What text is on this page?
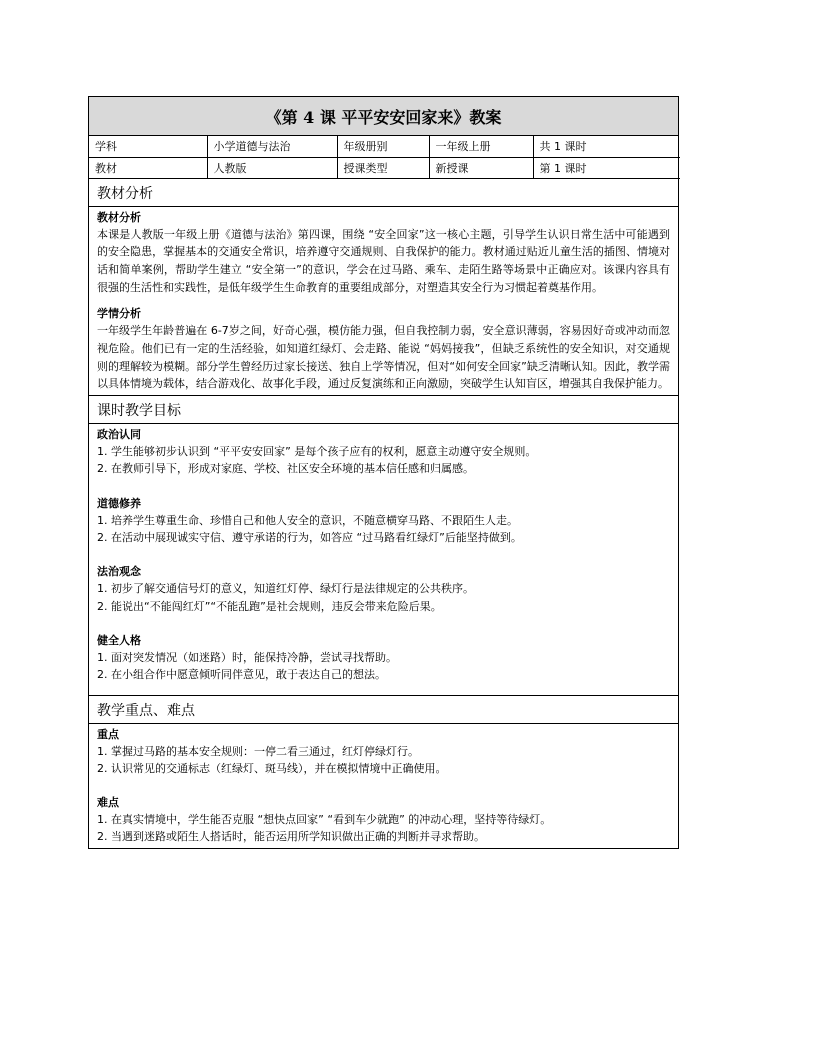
《第 4 课 平平安安回家来》教案
学科	小学道德与法治	年级册别	一年级上册	共 1 课时
教材	人教版	授课类型	新授课	第 1 课时
教材分析
教材分析

本课是人教版一年级上册《道德与法治》第四课，围绕 “安全回家”这一核心主题，引导学生认识日常生活中可能遇到的安全隐患，掌握基本的交通安全常识，培养遵守交通规则、自我保护的能力。教材通过贴近儿童生活的插图、情境对话和简单案例，帮助学生建立 “安全第一”的意识，学会在过马路、乘车、走陌生路等场景中正确应对。该课内容具有很强的生活性和实践性，是低年级学生生命教育的重要组成部分，对塑造其安全行为习惯起着奠基作用。

学情分析

一年级学生年龄普遍在 6-7岁之间，好奇心强，模仿能力强，但自我控制力弱，安全意识薄弱，容易因好奇或冲动而忽视危险。他们已有一定的生活经验，如知道红绿灯、会走路、能说 “妈妈接我”，但缺乏系统性的安全知识，对交通规则的理解较为模糊。部分学生曾经历过家长接送、独自上学等情况，但对“如何安全回家”缺乏清晰认知。因此，教学需以具体情境为载体，结合游戏化、故事化手段，通过反复演练和正向激励，突破学生认知盲区，增强其自我保护能力。

课时教学目标
政治认同
1. 学生能够初步认识到 “平平安安回家” 是每个孩子应有的权利，愿意主动遵守安全规则。
2. 在教师引导下，形成对家庭、学校、社区安全环境的基本信任感和归属感。
道德修养
1. 培养学生尊重生命、珍惜自己和他人安全的意识，不随意横穿马路、不跟陌生人走。
2. 在活动中展现诚实守信、遵守承诺的行为，如答应 “过马路看红绿灯”后能坚持做到。
法治观念
1. 初步了解交通信号灯的意义，知道红灯停、绿灯行是法律规定的公共秩序。
2. 能说出“不能闯红灯”“不能乱跑”是社会规则，违反会带来危险后果。
健全人格
1. 面对突发情况（如迷路）时，能保持冷静，尝试寻找帮助。
2. 在小组合作中愿意倾听同伴意见，敢于表达自己的想法。
教学重点、难点
重点
1. 掌握过马路的基本安全规则：一停二看三通过，红灯停绿灯行。
2. 认识常见的交通标志（红绿灯、斑马线），并在模拟情境中正确使用。
难点
1. 在真实情境中，学生能否克服 “想快点回家” “看到车少就跑” 的冲动心理，坚持等待绿灯。
2. 当遇到迷路或陌生人搭话时，能否运用所学知识做出正确的判断并寻求帮助。
